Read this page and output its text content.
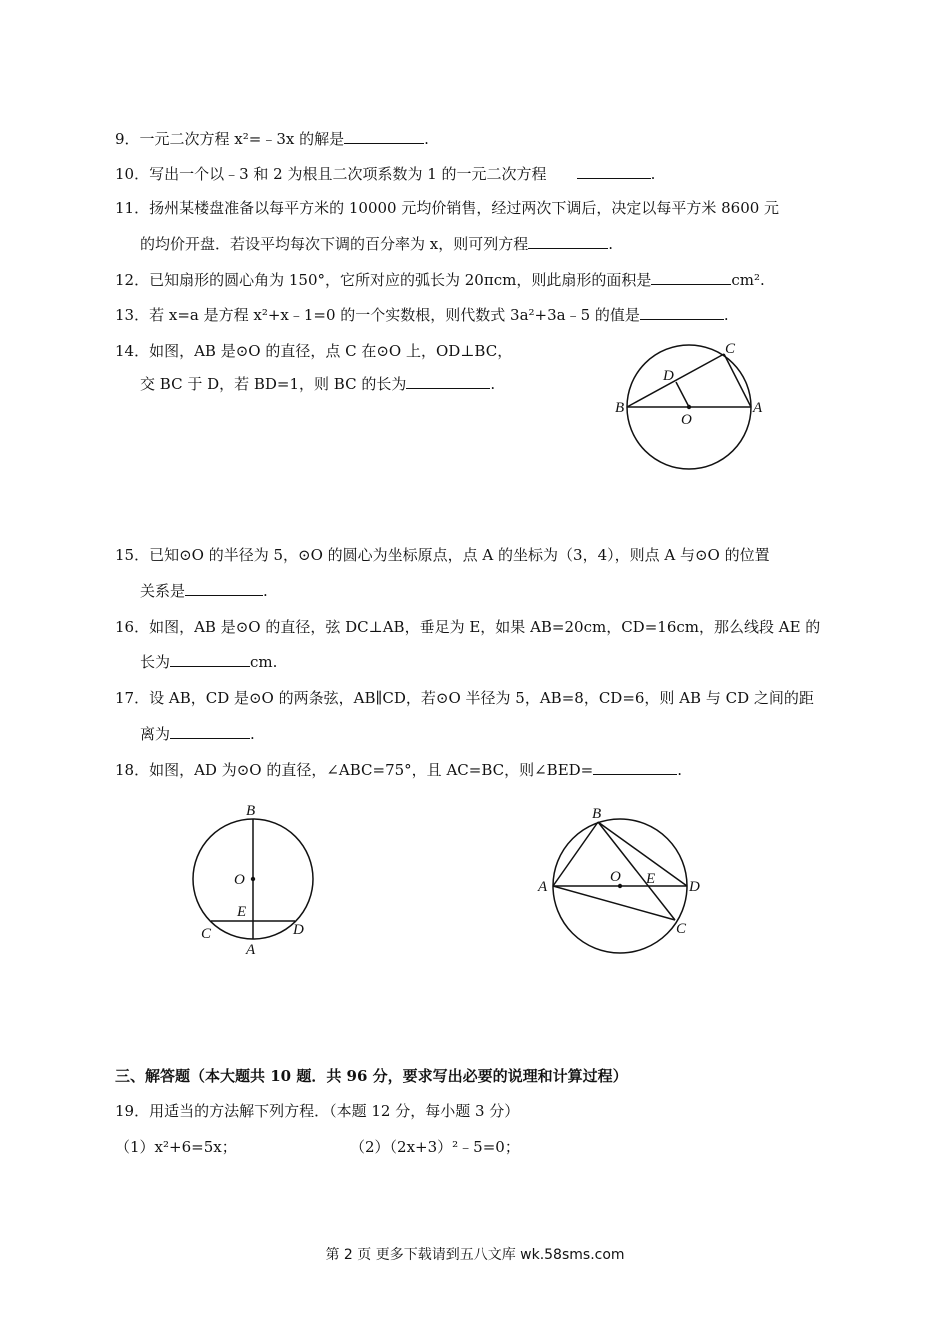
9．一元二次方程 x²=﹣3x 的解是	.
10．写出一个以﹣3 和 2 为根且二次项系数为 1 的一元二次方程	.
11．扬州某楼盘准备以每平方米的 10000 元均价销售，经过两次下调后，决定以每平方米 8600 元
的均价开盘．若设平均每次下调的百分率为 x，则可列方程	.
12．已知扇形的圆心角为 150°，它所对应的弧长为 20πcm，则此扇形的面积是	cm².
13．若 x=a 是方程 x²+x﹣1=0 的一个实数根，则代数式 3a²+3a﹣5 的值是	.
14．如图，AB 是⊙O 的直径，点 C 在⊙O 上，OD⊥BC，
交 BC 于 D，若 BD=1，则 BC 的长为	.
C
D
B
O
A
15．已知⊙O 的半径为 5，⊙O 的圆心为坐标原点，点 A 的坐标为（3，4），则点 A 与⊙O 的位置
关系是	.
16．如图，AB 是⊙O 的直径，弦 DC⊥AB，垂足为 E，如果 AB=20cm，CD=16cm，那么线段 AE 的
长为	cm.
17．设 AB，CD 是⊙O 的两条弦，AB∥CD，若⊙O 半径为 5，AB=8，CD=6，则 AB 与 CD 之间的距
离为	.
18．如图，AD 为⊙O 的直径，∠ABC=75°，且 AC=BC，则∠BED=	.
B
O
E
C
A
D
B
A
O E D
C
三、解答题（本大题共 10 题．共 96 分，要求写出必要的说理和计算过程）
19．用适当的方法解下列方程．（本题 12 分，每小题 3 分）
（1）x²+6=5x；	（2）（2x+3）²﹣5=0；
第 2 页 更多下载请到五八文库 wk.58sms.com
